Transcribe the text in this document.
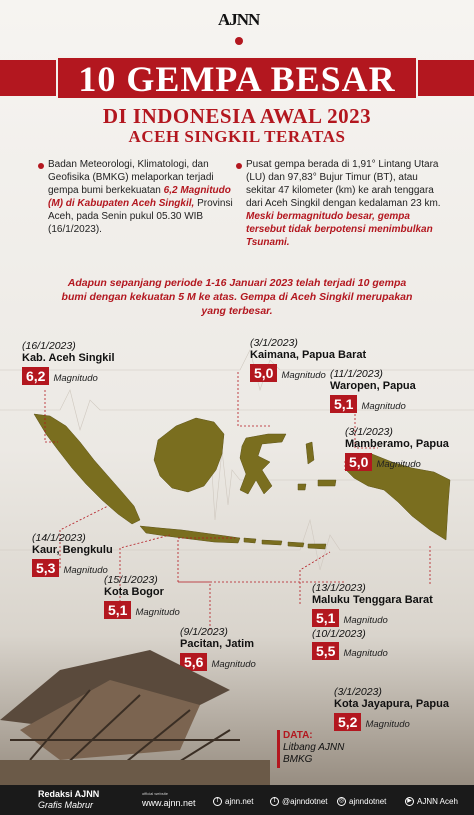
AJNN
10 GEMPA BESAR
DI INDONESIA AWAL 2023
ACEH SINGKIL TERATAS
Badan Meteorologi, Klimatologi, dan Geofisika (BMKG) melaporkan terjadi gempa bumi berkekuatan 6,2 Magnitudo (M) di Kabupaten Aceh Singkil, Provinsi Aceh, pada Senin pukul 05.30 WIB (16/1/2023).
Pusat gempa berada di 1,91° Lintang Utara (LU) dan 97,83° Bujur Timur (BT), atau sekitar 47 kilometer (km) ke arah tenggara dari Aceh Singkil dengan kedalaman 23 km. Meski bermagnitudo besar, gempa tersebut tidak berpotensi menimbulkan Tsunami.
Adapun sepanjang periode 1-16 Januari 2023 telah terjadi 10 gempa bumi dengan kekuatan 5 M ke atas. Gempa di Aceh Singkil merupakan yang terbesar.
(16/1/2023)
Kab. Aceh Singkil
6,2 Magnitudo
(3/1/2023)
Kaimana, Papua Barat
5,0 Magnitudo (11/1/2023)
Waropen, Papua
5,1 Magnitudo
(3/1/2023)
Mamberamo, Papua
5,0 Magnitudo
(14/1/2023)
Kaur, Bengkulu
5,3 Magnitudo
(15/1/2023)
Kota Bogor
5,1 Magnitudo
(13/1/2023)
Maluku Tenggara Barat
5,1 Magnitudo
(9/1/2023)
Pacitan, Jatim
5,6 Magnitudo
(10/1/2023)
5,5 Magnitudo
(3/1/2023)
Kota Jayapura, Papua
5,2 Magnitudo
DATA:
Litbang AJNN
BMKG
Redaksi AJNN
Grafis Mabrur
official website
www.ajnn.net	f ajnn.net	t @ajnndotnet	◎ ajnndotnet	▶ AJNN Aceh
